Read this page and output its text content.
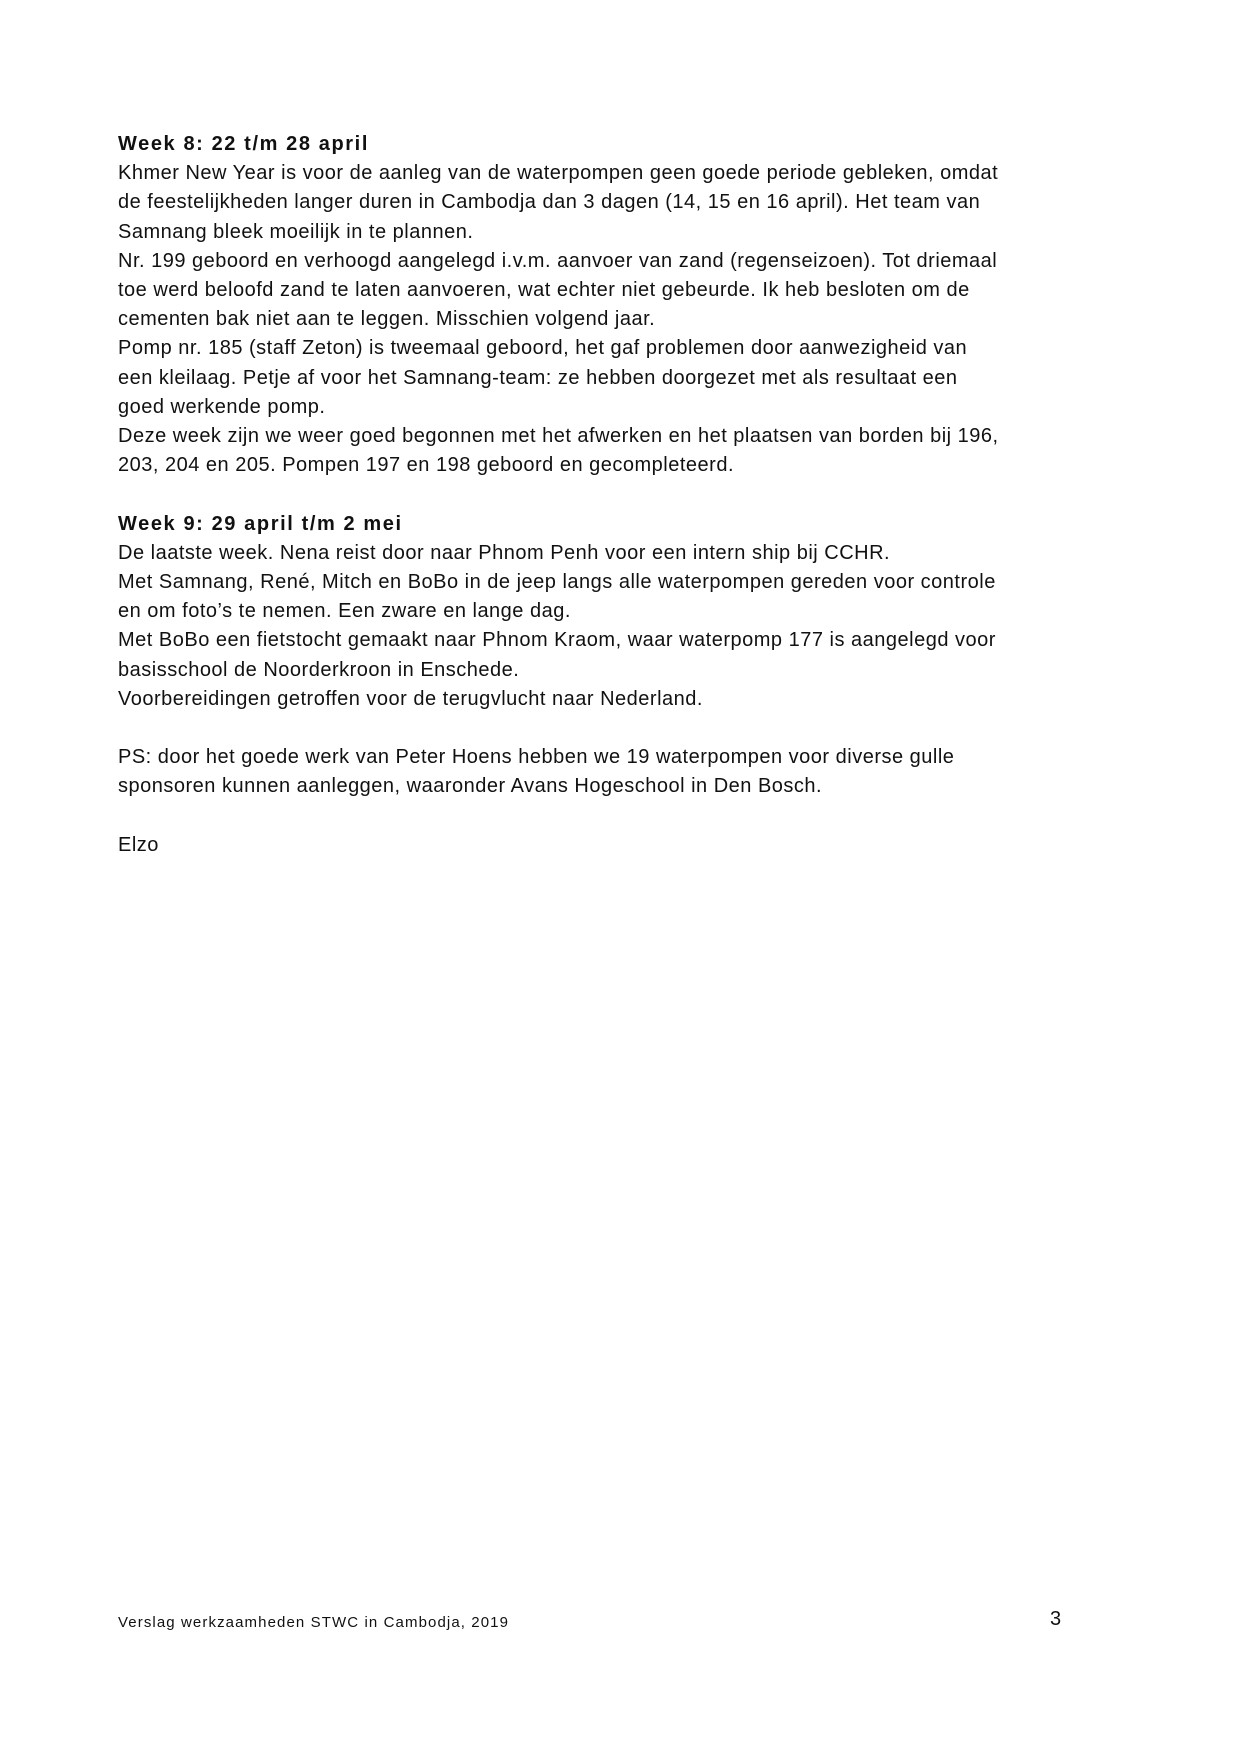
Week 8: 22 t/m 28 april
Khmer New Year is voor de aanleg van de waterpompen geen goede periode gebleken, omdat
de feestelijkheden langer duren in Cambodja dan 3 dagen (14, 15 en 16 april). Het team van
Samnang bleek moeilijk in te plannen.
Nr. 199 geboord en verhoogd aangelegd i.v.m. aanvoer van zand (regenseizoen). Tot driemaal
toe werd beloofd zand te laten aanvoeren, wat echter niet gebeurde. Ik heb besloten om de
cementen bak niet aan te leggen. Misschien volgend jaar.
Pomp nr. 185 (staff Zeton) is tweemaal geboord, het gaf problemen door aanwezigheid van
een kleilaag. Petje af voor het Samnang-team: ze hebben doorgezet met als resultaat een
goed werkende pomp.
Deze week zijn we weer goed begonnen met het afwerken en het plaatsen van borden bij 196,
203, 204 en 205. Pompen 197 en 198 geboord en gecompleteerd.
Week 9: 29 april t/m 2 mei
De laatste week. Nena reist door naar Phnom Penh voor een intern ship bij CCHR.
Met Samnang, René, Mitch en BoBo in de jeep langs alle waterpompen gereden voor controle
en om foto’s te nemen. Een zware en lange dag.
Met BoBo een fietstocht gemaakt naar Phnom Kraom, waar waterpomp 177 is aangelegd voor
basisschool de Noorderkroon in Enschede.
Voorbereidingen getroffen voor de terugvlucht naar Nederland.
PS: door het goede werk van Peter Hoens hebben we 19 waterpompen voor diverse gulle
sponsoren kunnen aanleggen, waaronder Avans Hogeschool in Den Bosch.
Elzo
Verslag werkzaamheden STWC in Cambodja, 2019	3
